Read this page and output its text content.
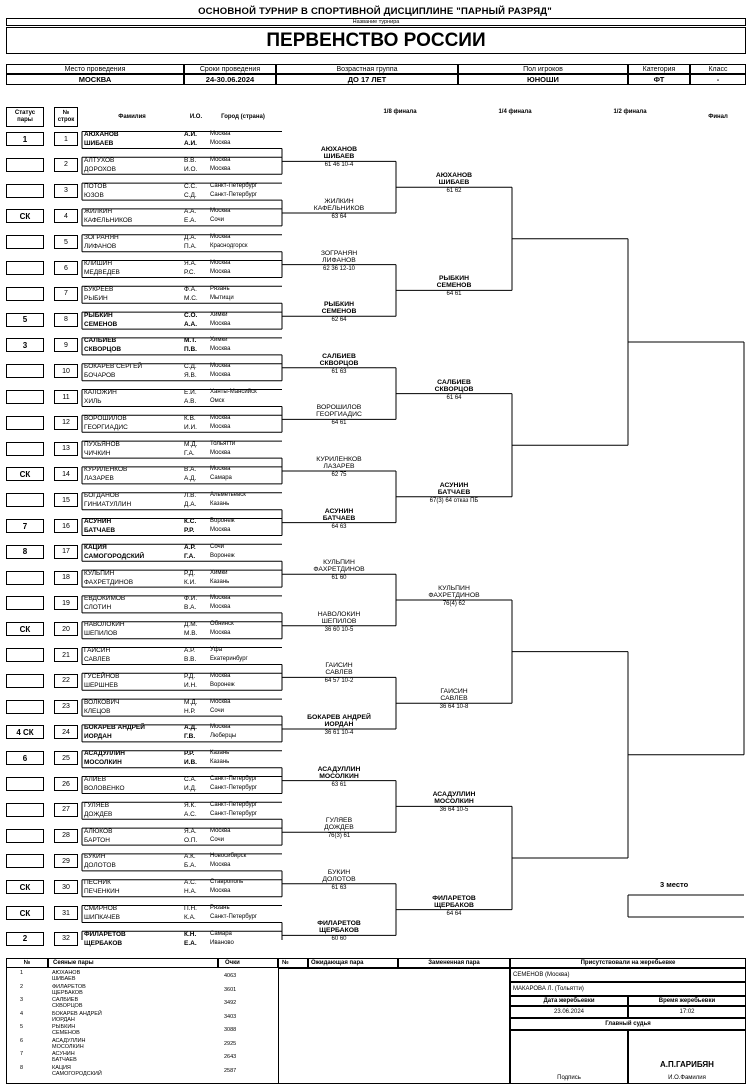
ОСНОВНОЙ ТУРНИР В СПОРТИВНОЙ ДИСЦИПЛИНЕ "ПАРНЫЙ РАЗРЯД"
Название турнира
ПЕРВЕНСТВО РОССИИ
Место проведения	Сроки проведения	Возрастная группа	Пол игроков	Категория	Класс
МОСКВА	24-30.06.2024	ДО 17 ЛЕТ	ЮНОШИ	ФТ	-
Статус пары
№ строк	Фамилия	И.О.	Город (страна)
1/8 финала	1/4 финала	1/2 финала
Финал
1	1
АЮХАНОВ	А.И.	Москва
ШИБАЕВ	А.И.	Москва
2
АЛТУХОВ	В.В.	Москва
ДОРОХОВ	И.О.	Москва
3
ПОТОВ	С.С.	Санкт-Петербург
ЮЗОВ	С.Д.	Санкт-Петербург
СК	4
ЖИЛКИН	А.А.	Москва
КАФЕЛЬНИКОВ	Е.А.	Сочи
5
ЗОГРАНЯН	Д.А.	Москва
ЛИФАНОВ	П.А.	Краснодгорск
6
КЛИШИН	Я.А.	Москва
МЕДВЕДЕВ	Р.С.	Москва
7
БУКРЕЕВ	Ф.А.	Рязань
РЫБИН	М.С.	Мытищи
5	8
РЫБКИН	С.О.	Химки
СЕМЕНОВ	А.А.	Москва
3	9
САЛБИЕВ	М.Т.	Химки
СКВОРЦОВ	П.В.	Москва
10
БОКАРЕВ СЕРГЕЙ	С.Д.	Москва
БОЧАРОВ	Я.В.	Москва
11
КАЛОЖИН	Е.И.	Ханты-Мансийск
ХИЛЬ	А.В.	Омск
12
ВОРОШИЛОВ	К.В.	Москва
ГЕОРГИАДИС	И.И.	Москва
13
ПУХЬЯНОВ	М.Д.	Тольятти
ЧИЧКИН	Г.А.	Москва
СК	14
КУРИЛЕНКОВ	В.А.	Москва
ЛАЗАРЕВ	А.Д.	Самара
15
БОГДАНОВ	Л.В.	Альметьевск
ГИНИАТУЛЛИН	Д.А.	Казань
7	16
АСУНИН	К.С.	Воронеж
БАТЧАЕВ	Р.Р.	Москва
8	17
КАЦИЯ	А.Р.	Сочи
САМОГОРОДСКИЙ	Г.А.	Воронеж
18
КУЛЬПИН	Р.Д.	Химки
ФАХРЕТДИНОВ	К.И.	Казань
19
ЕВДОКИМОВ	Ф.И.	Москва
СЛОТИН	В.А.	Москва
СК	20
НАВОЛОКИН	Д.М.	Обнинск
ШЕПИЛОВ	М.В.	Москва
21
ГАИСИН	А.Р.	Уфа
САВЛЕВ	В.В.	Екатеринбург
22
ГУСЕЙНОВ	Р.Д.	Москва
ШЕРШНЕВ	И.Н.	Воронеж
23
ВОЛКОВИЧ	М.Д.	Москва
КЛЕЦОВ	Н.Р.	Сочи
4 СК	24
БОКАРЕВ АНДРЕЙ	А.Д.	Москва
ИОРДАН	Г.В.	Люберцы
6	25
АСАДУЛЛИН	Р.Р.	Казань
МОСОЛКИН	И.В.	Казань
26
АЛИЕВ	С.А.	Санкт-Петербург
ВОЛОВЕНКО	И.Д.	Санкт-Петербург
27
ГУЛЯЕВ	Я.К.	Санкт-Петербург
ДОЖДЕВ	А.С.	Санкт-Петербург
28
АЛЮКОВ	Я.А.	Москва
БАРТОН	О.П.	Сочи
29
БУКИН	А.К.	Новосибирск
ДОЛОТОВ	Б.А.	Москва
СК	30
ПЕСНИК	А.С.	Ставрополь
ПЕЧЕНКИН	Н.А.	Москва
СК	31
СМИРНОВ	П.Н.	Рязань
ШИПКАЧЕВ	К.А.	Санкт-Петербург
2	32
ФИЛАРЕТОВ	К.Н.	Самара
ЩЕРБАКОВ	Е.А.	Иваново
АЮХАНОВ
ШИБАЕВ
61 46 10-4
ЖИЛКИН
КАФЕЛЬНИКОВ
63 64
ЗОГРАНЯН
ЛИФАНОВ
62 36 12-10
РЫБКИН
СЕМЕНОВ
62 64
САЛБИЕВ
СКВОРЦОВ
61 63
ВОРОШИЛОВ
ГЕОРГИАДИС
64 61
КУРИЛЕНКОВ
ЛАЗАРЕВ
62 75
АСУНИН
БАТЧАЕВ
64 63
КУЛЬПИН
ФАХРЕТДИНОВ
61 60
НАВОЛОКИН
ШЕПИЛОВ
36 60 10-5
ГАИСИН
САВЛЕВ
64 57 10-2
БОКАРЕВ АНДРЕЙ
ИОРДАН
36 61 10-4
АСАДУЛЛИН
МОСОЛКИН
63 61
ГУЛЯЕВ
ДОЖДЕВ
76(3) 61
БУКИН
ДОЛОТОВ
61 63
ФИЛАРЕТОВ
ЩЕРБАКОВ
60 60
АЮХАНОВ
ШИБАЕВ
61 62
РЫБКИН
СЕМЕНОВ
64 61
САЛБИЕВ
СКВОРЦОВ
61 64
АСУНИН
БАТЧАЕВ
67(3) 64 отказ ПБ
КУЛЬПИН
ФАХРЕТДИНОВ
76(4) 62
ГАИСИН
САВЛЕВ
36 64 10-8
АСАДУЛЛИН
МОСОЛКИН
36 64 10-5
ФИЛАРЕТОВ
ЩЕРБАКОВ
64 64
3 место
№	Сеяные пары	Очки	№	Ожидающая пара	Замененная пара	Присутствовали на жеребьевке
СЕМЕНОВ (Москва)
МАКАРОВА Л. (Тольятти)
Дата жеребьевки	Время жеребьевки
23.06.2024	17:02
Главный судья
Подпись
А.П.ГАРИБЯН
И.О.Фамилия
1	АЮХАНОВ
ШИБАЕВ	4063
2	ФИЛАРЕТОВ
ЩЕРБАКОВ	3601
3	САЛБИЕВ
СКВОРЦОВ	3492
4	БОКАРЕВ АНДРЕЙ
ИОРДАН	3403
5	РЫБКИН
СЕМЕНОВ	3088
6	АСАДУЛЛИН
МОСОЛКИН	2925
7	АСУНИН
БАТЧАЕВ	2643
8	КАЦИЯ
САМОГОРОДСКИЙ	2587
